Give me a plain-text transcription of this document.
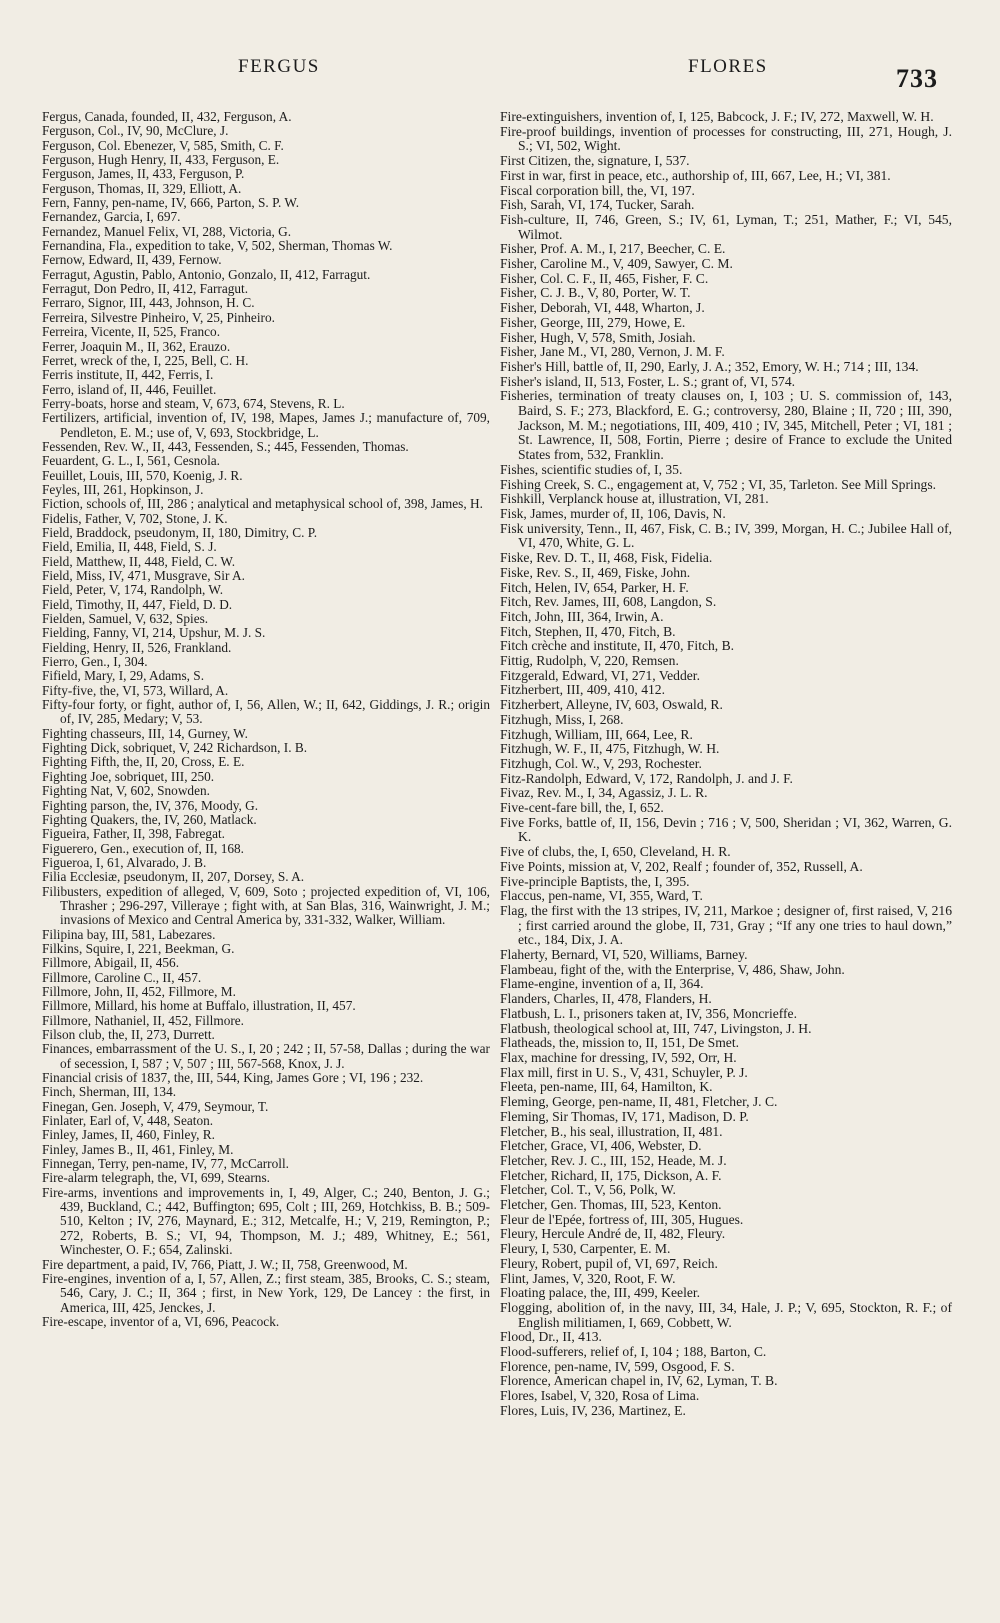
FERGUS	FLORES	733

Fergus, Canada, founded, II, 432, Ferguson, A.

Ferguson, Col., IV, 90, McClure, J.

Ferguson, Col. Ebenezer, V, 585, Smith, C. F.

Ferguson, Hugh Henry, II, 433, Ferguson, E.

Ferguson, James, II, 433, Ferguson, P.

Ferguson, Thomas, II, 329, Elliott, A.

Fern, Fanny, pen-name, IV, 666, Parton, S. P. W.

Fernandez, Garcia, I, 697.

Fernandez, Manuel Felix, VI, 288, Victoria, G.

Fernandina, Fla., expedition to take, V, 502, Sherman, Thomas W.

Fernow, Edward, II, 439, Fernow.

Ferragut, Agustin, Pablo, Antonio, Gonzalo, II, 412, Farragut.

Ferragut, Don Pedro, II, 412, Farragut.

Ferraro, Signor, III, 443, Johnson, H. C.

Ferreira, Silvestre Pinheiro, V, 25, Pinheiro.

Ferreira, Vicente, II, 525, Franco.

Ferrer, Joaquin M., II, 362, Erauzo.

Ferret, wreck of the, I, 225, Bell, C. H.

Ferris institute, II, 442, Ferris, I.

Ferro, island of, II, 446, Feuillet.

Ferry-boats, horse and steam, V, 673, 674, Stevens, R. L.

Fertilizers, artificial, invention of, IV, 198, Mapes, James J.; manufacture of, 709, Pendleton, E. M.; use of, V, 693, Stockbridge, L.

Fessenden, Rev. W., II, 443, Fessenden, S.; 445, Fessenden, Thomas.

Feuardent, G. L., I, 561, Cesnola.

Feuillet, Louis, III, 570, Koenig, J. R.

Feyles, III, 261, Hopkinson, J.

Fiction, schools of, III, 286 ; analytical and metaphysical school of, 398, James, H.

Fidelis, Father, V, 702, Stone, J. K.

Field, Braddock, pseudonym, II, 180, Dimitry, C. P.

Field, Emilia, II, 448, Field, S. J.

Field, Matthew, II, 448, Field, C. W.

Field, Miss, IV, 471, Musgrave, Sir A.

Field, Peter, V, 174, Randolph, W.

Field, Timothy, II, 447, Field, D. D.

Fielden, Samuel, V, 632, Spies.

Fielding, Fanny, VI, 214, Upshur, M. J. S.

Fielding, Henry, II, 526, Frankland.

Fierro, Gen., I, 304.

Fifield, Mary, I, 29, Adams, S.

Fifty-five, the, VI, 573, Willard, A.

Fifty-four forty, or fight, author of, I, 56, Allen, W.; II, 642, Giddings, J. R.; origin of, IV, 285, Medary; V, 53.

Fighting chasseurs, III, 14, Gurney, W.

Fighting Dick, sobriquet, V, 242 Richardson, I. B.

Fighting Fifth, the, II, 20, Cross, E. E.

Fighting Joe, sobriquet, III, 250.

Fighting Nat, V, 602, Snowden.

Fighting parson, the, IV, 376, Moody, G.

Fighting Quakers, the, IV, 260, Matlack.

Figueira, Father, II, 398, Fabregat.

Figuerero, Gen., execution of, II, 168.

Figueroa, I, 61, Alvarado, J. B.

Filia Ecclesiæ, pseudonym, II, 207, Dorsey, S. A.

Filibusters, expedition of alleged, V, 609, Soto ; projected expedition of, VI, 106, Thrasher ; 296-297, Villeraye ; fight with, at San Blas, 316, Wainwright, J. M.; invasions of Mexico and Central America by, 331-332, Walker, William.

Filipina bay, III, 581, Labezares.

Filkins, Squire, I, 221, Beekman, G.

Fillmore, Abigail, II, 456.

Fillmore, Caroline C., II, 457.

Fillmore, John, II, 452, Fillmore, M.

Fillmore, Millard, his home at Buffalo, illustration, II, 457.

Fillmore, Nathaniel, II, 452, Fillmore.

Filson club, the, II, 273, Durrett.

Finances, embarrassment of the U. S., I, 20 ; 242 ; II, 57-58, Dallas ; during the war of secession, I, 587 ; V, 507 ; III, 567-568, Knox, J. J.

Financial crisis of 1837, the, III, 544, King, James Gore ; VI, 196 ; 232.

Finch, Sherman, III, 134.

Finegan, Gen. Joseph, V, 479, Seymour, T.

Finlater, Earl of, V, 448, Seaton.

Finley, James, II, 460, Finley, R.

Finley, James B., II, 461, Finley, M.

Finnegan, Terry, pen-name, IV, 77, McCarroll.

Fire-alarm telegraph, the, VI, 699, Stearns.

Fire-arms, inventions and improvements in, I, 49, Alger, C.; 240, Benton, J. G.; 439, Buckland, C.; 442, Buffington; 695, Colt ; III, 269, Hotchkiss, B. B.; 509-510, Kelton ; IV, 276, Maynard, E.; 312, Metcalfe, H.; V, 219, Remington, P.; 272, Roberts, B. S.; VI, 94, Thompson, M. J.; 489, Whitney, E.; 561, Winchester, O. F.; 654, Zalinski.

Fire department, a paid, IV, 766, Piatt, J. W.; II, 758, Greenwood, M.

Fire-engines, invention of a, I, 57, Allen, Z.; first steam, 385, Brooks, C. S.; steam, 546, Cary, J. C.; II, 364 ; first, in New York, 129, De Lancey : the first, in America, III, 425, Jenckes, J.

Fire-escape, inventor of a, VI, 696, Peacock.

Fire-extinguishers, invention of, I, 125, Babcock, J. F.; IV, 272, Maxwell, W. H.

Fire-proof buildings, invention of processes for constructing, III, 271, Hough, J. S.; VI, 502, Wight.

First Citizen, the, signature, I, 537.

First in war, first in peace, etc., authorship of, III, 667, Lee, H.; VI, 381.

Fiscal corporation bill, the, VI, 197.

Fish, Sarah, VI, 174, Tucker, Sarah.

Fish-culture, II, 746, Green, S.; IV, 61, Lyman, T.; 251, Mather, F.; VI, 545, Wilmot.

Fisher, Prof. A. M., I, 217, Beecher, C. E.

Fisher, Caroline M., V, 409, Sawyer, C. M.

Fisher, Col. C. F., II, 465, Fisher, F. C.

Fisher, C. J. B., V, 80, Porter, W. T.

Fisher, Deborah, VI, 448, Wharton, J.

Fisher, George, III, 279, Howe, E.

Fisher, Hugh, V, 578, Smith, Josiah.

Fisher, Jane M., VI, 280, Vernon, J. M. F.

Fisher's Hill, battle of, II, 290, Early, J. A.; 352, Emory, W. H.; 714 ; III, 134.

Fisher's island, II, 513, Foster, L. S.; grant of, VI, 574.

Fisheries, termination of treaty clauses on, I, 103 ; U. S. commission of, 143, Baird, S. F.; 273, Blackford, E. G.; controversy, 280, Blaine ; II, 720 ; III, 390, Jackson, M. M.; negotiations, III, 409, 410 ; IV, 345, Mitchell, Peter ; VI, 181 ; St. Lawrence, II, 508, Fortin, Pierre ; desire of France to exclude the United States from, 532, Franklin.

Fishes, scientific studies of, I, 35.

Fishing Creek, S. C., engagement at, V, 752 ; VI, 35, Tarleton. See Mill Springs.

Fishkill, Verplanck house at, illustration, VI, 281.

Fisk, James, murder of, II, 106, Davis, N.

Fisk university, Tenn., II, 467, Fisk, C. B.; IV, 399, Morgan, H. C.; Jubilee Hall of, VI, 470, White, G. L.

Fiske, Rev. D. T., II, 468, Fisk, Fidelia.

Fiske, Rev. S., II, 469, Fiske, John.

Fitch, Helen, IV, 654, Parker, H. F.

Fitch, Rev. James, III, 608, Langdon, S.

Fitch, John, III, 364, Irwin, A.

Fitch, Stephen, II, 470, Fitch, B.

Fitch crèche and institute, II, 470, Fitch, B.

Fittig, Rudolph, V, 220, Remsen.

Fitzgerald, Edward, VI, 271, Vedder.

Fitzherbert, III, 409, 410, 412.

Fitzherbert, Alleyne, IV, 603, Oswald, R.

Fitzhugh, Miss, I, 268.

Fitzhugh, William, III, 664, Lee, R.

Fitzhugh, W. F., II, 475, Fitzhugh, W. H.

Fitzhugh, Col. W., V, 293, Rochester.

Fitz-Randolph, Edward, V, 172, Randolph, J. and J. F.

Fivaz, Rev. M., I, 34, Agassiz, J. L. R.

Five-cent-fare bill, the, I, 652.

Five Forks, battle of, II, 156, Devin ; 716 ; V, 500, Sheridan ; VI, 362, Warren, G. K.

Five of clubs, the, I, 650, Cleveland, H. R.

Five Points, mission at, V, 202, Realf ; founder of, 352, Russell, A.

Five-principle Baptists, the, I, 395.

Flaccus, pen-name, VI, 355, Ward, T.

Flag, the first with the 13 stripes, IV, 211, Markoe ; designer of, first raised, V, 216 ; first carried around the globe, II, 731, Gray ; “If any one tries to haul down,” etc., 184, Dix, J. A.

Flaherty, Bernard, VI, 520, Williams, Barney.

Flambeau, fight of the, with the Enterprise, V, 486, Shaw, John.

Flame-engine, invention of a, II, 364.

Flanders, Charles, II, 478, Flanders, H.

Flatbush, L. I., prisoners taken at, IV, 356, Moncrieffe.

Flatbush, theological school at, III, 747, Livingston, J. H.

Flatheads, the, mission to, II, 151, De Smet.

Flax, machine for dressing, IV, 592, Orr, H.

Flax mill, first in U. S., V, 431, Schuyler, P. J.

Fleeta, pen-name, III, 64, Hamilton, K.

Fleming, George, pen-name, II, 481, Fletcher, J. C.

Fleming, Sir Thomas, IV, 171, Madison, D. P.

Fletcher, B., his seal, illustration, II, 481.

Fletcher, Grace, VI, 406, Webster, D.

Fletcher, Rev. J. C., III, 152, Heade, M. J.

Fletcher, Richard, II, 175, Dickson, A. F.

Fletcher, Col. T., V, 56, Polk, W.

Fletcher, Gen. Thomas, III, 523, Kenton.

Fleur de l'Epée, fortress of, III, 305, Hugues.

Fleury, Hercule André de, II, 482, Fleury.

Fleury, I, 530, Carpenter, E. M.

Fleury, Robert, pupil of, VI, 697, Reich.

Flint, James, V, 320, Root, F. W.

Floating palace, the, III, 499, Keeler.

Flogging, abolition of, in the navy, III, 34, Hale, J. P.; V, 695, Stockton, R. F.; of English militiamen, I, 669, Cobbett, W.

Flood, Dr., II, 413.

Flood-sufferers, relief of, I, 104 ; 188, Barton, C.

Florence, pen-name, IV, 599, Osgood, F. S.

Florence, American chapel in, IV, 62, Lyman, T. B.

Flores, Isabel, V, 320, Rosa of Lima.

Flores, Luis, IV, 236, Martinez, E.
